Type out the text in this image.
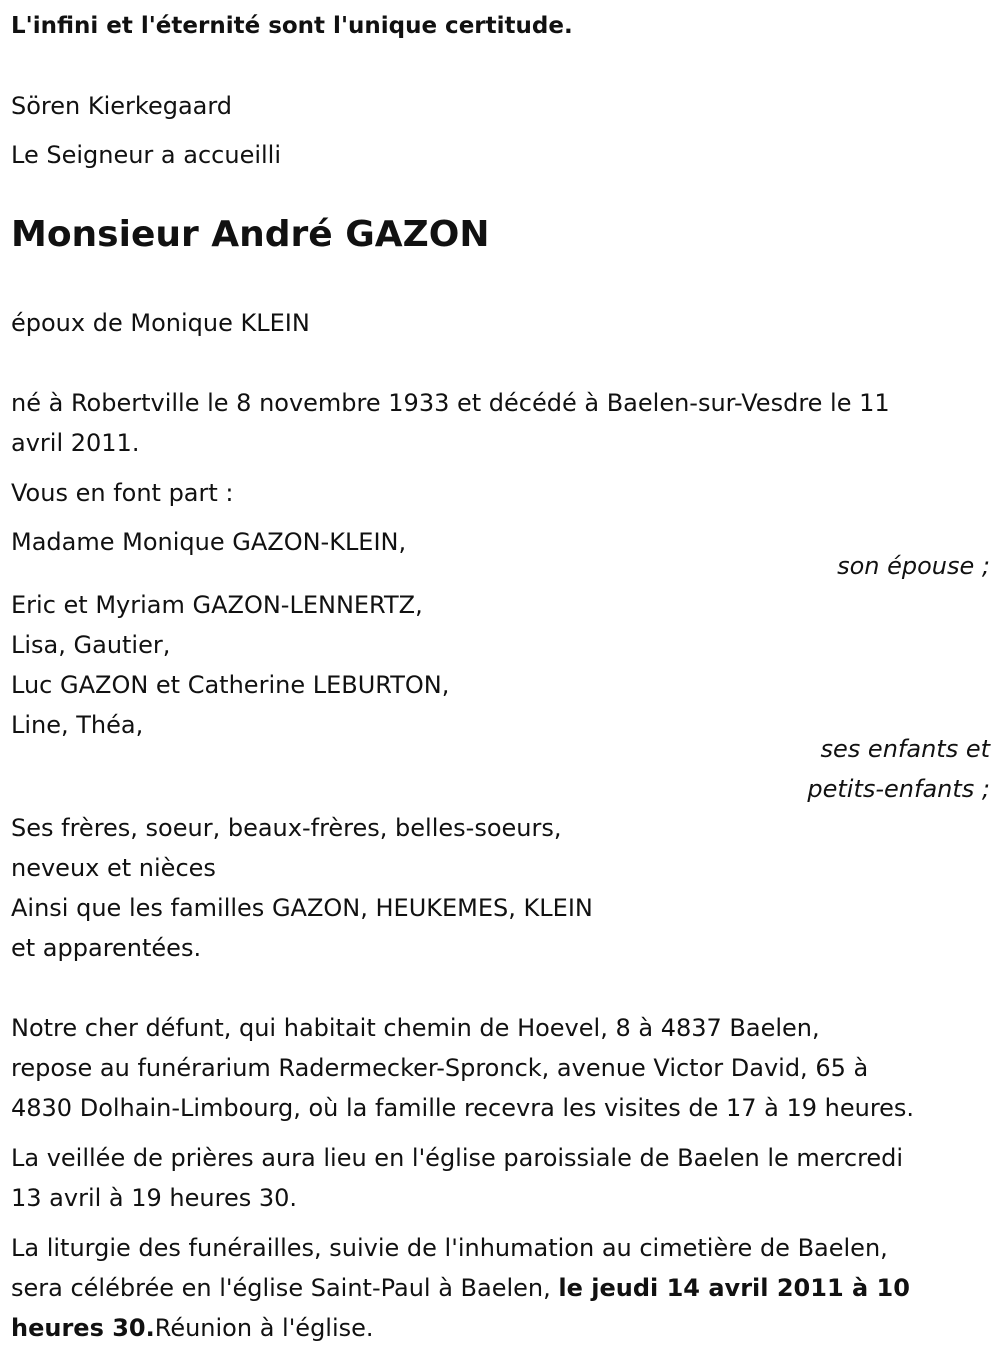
L'infini et l'éternité sont l'unique certitude.
Sören Kierkegaard
Le Seigneur a accueilli
Monsieur André GAZON
époux de Monique KLEIN
né à Robertville le 8 novembre 1933 et décédé à Baelen-sur-Vesdre le 11
avril 2011.
Vous en font part :
Madame Monique GAZON-KLEIN,
son épouse ;
Eric et Myriam GAZON-LENNERTZ,
Lisa, Gautier,
Luc GAZON et Catherine LEBURTON,
Line, Théa,
ses enfants et
petits-enfants ;
Ses frères, soeur, beaux-frères, belles-soeurs,
neveux et nièces
Ainsi que les familles GAZON, HEUKEMES, KLEIN
et apparentées.
Notre cher défunt, qui habitait chemin de Hoevel, 8 à 4837 Baelen,
repose au funérarium Radermecker-Spronck, avenue Victor David, 65 à
4830 Dolhain-Limbourg, où la famille recevra les visites de 17 à 19 heures.
La veillée de prières aura lieu en l'église paroissiale de Baelen le mercredi
13 avril à 19 heures 30.
La liturgie des funérailles, suivie de l'inhumation au cimetière de Baelen,
sera célébrée en l'église Saint-Paul à Baelen, le jeudi 14 avril 2011 à 10
heures 30.Réunion à l'église.
